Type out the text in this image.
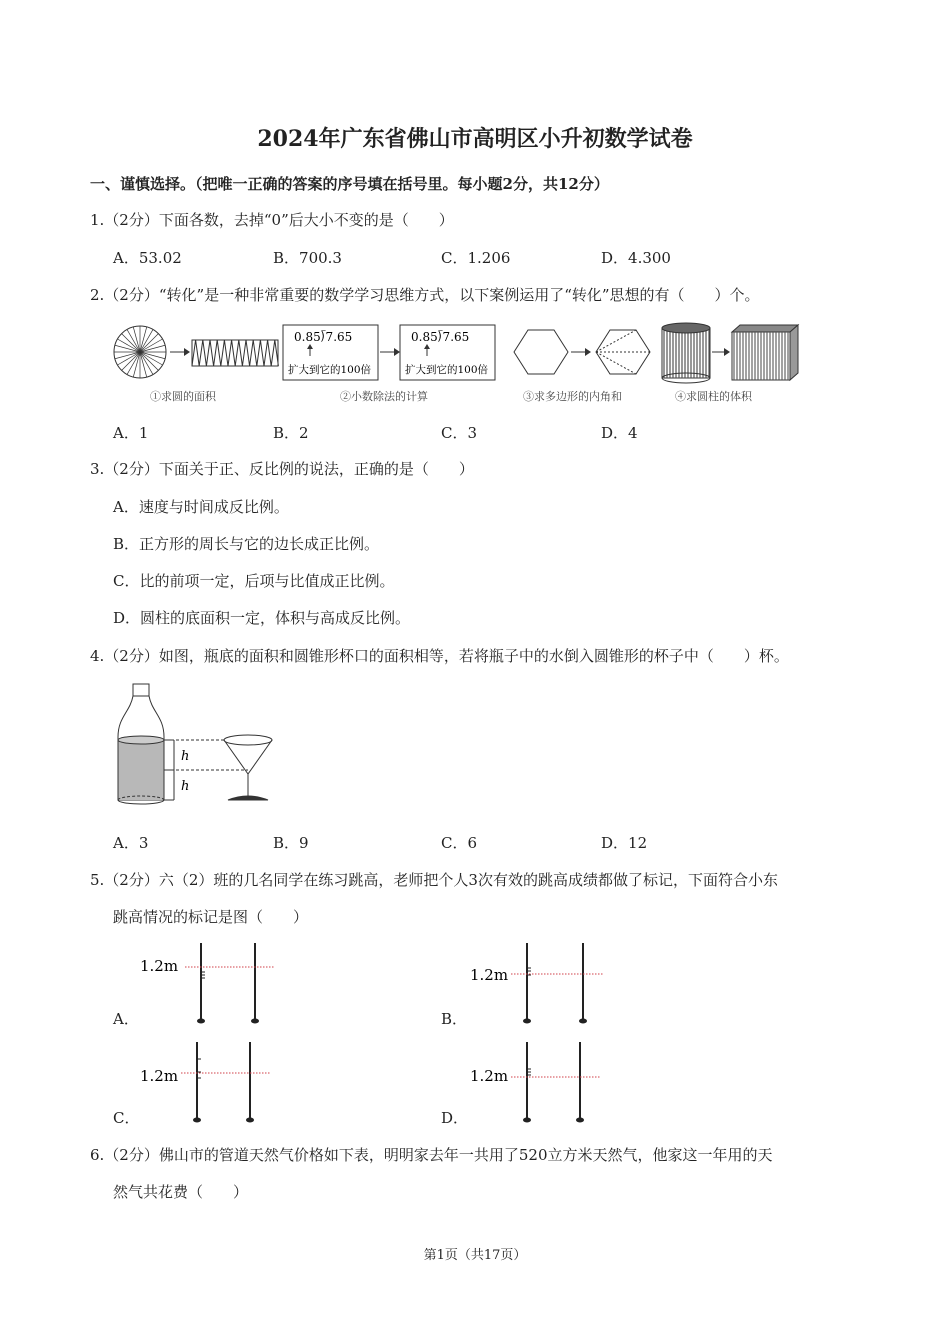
2024年广东省佛山市高明区小升初数学试卷
一、谨慎选择。（把唯一正确的答案的序号填在括号里。每小题2分，共12分）
1.（2分）下面各数，去掉“0”后大小不变的是（　　）
A．53.02	B．700.3	C．1.206	D．4.300
2.（2分）“转化”是一种非常重要的数学学习思维方式，以下案例运用了“转化”思想的有（　　）个。
0.85⟌7.65
扩大到它的100倍
0.85⟌7.65
扩大到它的100倍
①求圆的面积	②小数除法的计算	③求多边形的内角和	④求圆柱的体积
A．1	B．2	C．3	D．4
3.（2分）下面关于正、反比例的说法，正确的是（　　）
A．速度与时间成反比例。
B．正方形的周长与它的边长成正比例。
C．比的前项一定，后项与比值成正比例。
D．圆柱的底面积一定，体积与高成反比例。
4.（2分）如图，瓶底的面积和圆锥形杯口的面积相等，若将瓶子中的水倒入圆锥形的杯子中（　　）杯。
h
h
A．3	B．9	C．6	D．12
5.（2分）六（2）班的几名同学在练习跳高，老师把个人3次有效的跳高成绩都做了标记，下面符合小东
跳高情况的标记是图（　　）
A．
1.2m
B．
1.2m
C．
1.2m
D．
1.2m
6.（2分）佛山市的管道天然气价格如下表，明明家去年一共用了520立方米天然气，他家这一年用的天
然气共花费（　　）
第1页（共17页）
